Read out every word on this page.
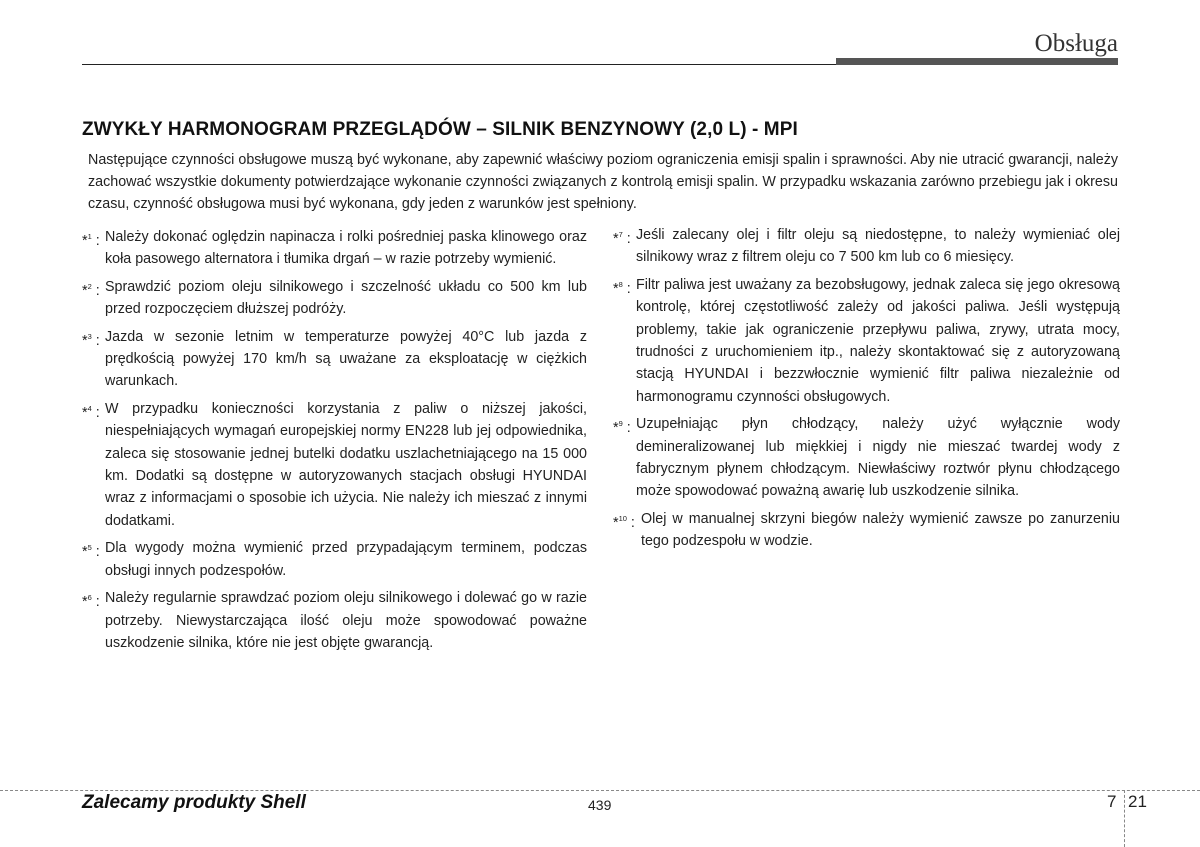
Obsługa
ZWYKŁY HARMONOGRAM PRZEGLĄDÓW – SILNIK BENZYNOWY (2,0 L) - MPI

Następujące czynności obsługowe muszą być wykonane, aby zapewnić właściwy poziom ograniczenia emisji spalin i sprawności. Aby nie utracić gwarancji, należy zachować wszystkie dokumenty potwierdzające wykonanie czynności związanych z kontrolą emisji spalin. W przypadku wskazania zarówno przebiegu jak i okresu czasu, czynność obsługowa musi być wykonana, gdy jeden z warunków jest spełniony.

*$^1$ : Należy dokonać oględzin napinacza i rolki pośredniej paska klinowego oraz koła pasowego alternatora i tłumika drgań – w razie potrzeby wymienić.
*$^2$ : Sprawdzić poziom oleju silnikowego i szczelność układu co 500 km lub przed rozpoczęciem dłuższej podróży.
*$^3$ : Jazda w sezonie letnim w temperaturze powyżej 40°C lub jazda z prędkością powyżej 170 km/h są uważane za eksploatację w ciężkich warunkach.
*$^4$ : W przypadku konieczności korzystania z paliw o niższej jakości, niespełniających wymagań europejskiej normy EN228 lub jej odpowiednika, zaleca się stosowanie jednej butelki dodatku uszlachetniającego na 15 000 km. Dodatki są dostępne w autoryzowanych stacjach obsługi HYUNDAI wraz z informacjami o sposobie ich użycia. Nie należy ich mieszać z innymi dodatkami.
*$^5$ : Dla wygody można wymienić przed przypadającym terminem, podczas obsługi innych podzespołów.
*$^6$ : Należy regularnie sprawdzać poziom oleju silnikowego i dolewać go w razie potrzeby. Niewystarczająca ilość oleju może spowodować poważne uszkodzenie silnika, które nie jest objęte gwarancją.
*$^7$ : Jeśli zalecany olej i filtr oleju są niedostępne, to należy wymieniać olej silnikowy wraz z filtrem oleju co 7 500 km lub co 6 miesięcy.
*$^8$ : Filtr paliwa jest uważany za bezobsługowy, jednak zaleca się jego okresową kontrolę, której częstotliwość zależy od jakości paliwa. Jeśli występują problemy, takie jak ograniczenie przepływu paliwa, zrywy, utrata mocy, trudności z uruchomieniem itp., należy skontaktować się z autoryzowaną stacją HYUNDAI i bezzwłocznie wymienić filtr paliwa niezależnie od harmonogramu czynności obsługowych.
*$^9$ : Uzupełniając płyn chłodzący, należy użyć wyłącznie wody demineralizowanej lub miękkiej i nigdy nie mieszać twardej wody z fabrycznym płynem chłodzącym. Niewłaściwy roztwór płynu chłodzącego może spowodować poważną awarię lub uszkodzenie silnika.
*$^{10}$ : Olej w manualnej skrzyni biegów należy wymienić zawsze po zanurzeniu tego podzespołu w wodzie.
Zalecamy produkty Shell	439	7 21
